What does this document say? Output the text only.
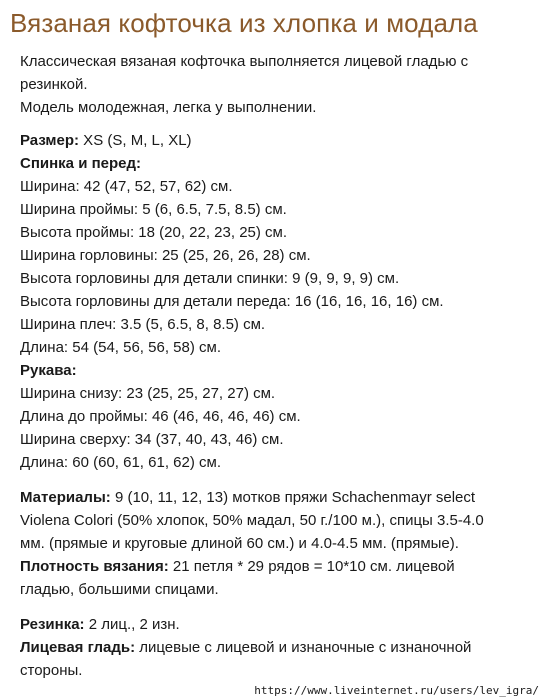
Вязаная кофточка из хлопка и модала
Классическая вязаная кофточка выполняется лицевой гладью с
резинкой.
Модель молодежная, легка у выполнении.
Размер: XS (S, M, L, XL)
Спинка и перед:
Ширина: 42 (47, 52, 57, 62) см.
Ширина проймы: 5 (6, 6.5, 7.5, 8.5) см.
Высота проймы: 18 (20, 22, 23, 25) см.
Ширина горловины: 25 (25, 26, 26, 28) см.
Высота горловины для детали спинки: 9 (9, 9, 9, 9) см.
Высота горловины для детали переда: 16 (16, 16, 16, 16) см.
Ширина плеч: 3.5 (5, 6.5, 8, 8.5) см.
Длина: 54 (54, 56, 56, 58) см.
Рукава:
Ширина снизу: 23 (25, 25, 27, 27) см.
Длина до проймы: 46 (46, 46, 46, 46) см.
Ширина сверху: 34 (37, 40, 43, 46) см.
Длина: 60 (60, 61, 61, 62) см.
Материалы: 9 (10, 11, 12, 13) мотков пряжи Schachenmayr select
Violena Colori (50% хлопок, 50% мадал, 50 г./100 м.), спицы 3.5-4.0
мм. (прямые и круговые длиной 60 см.) и 4.0-4.5 мм. (прямые).
Плотность вязания: 21 петля * 29 рядов = 10*10 см. лицевой
гладью, большими спицами.
Резинка: 2 лиц., 2 изн.
Лицевая гладь: лицевые с лицевой и изнаночные с изнаночной
стороны.
https://www.liveinternet.ru/users/lev_igra/
